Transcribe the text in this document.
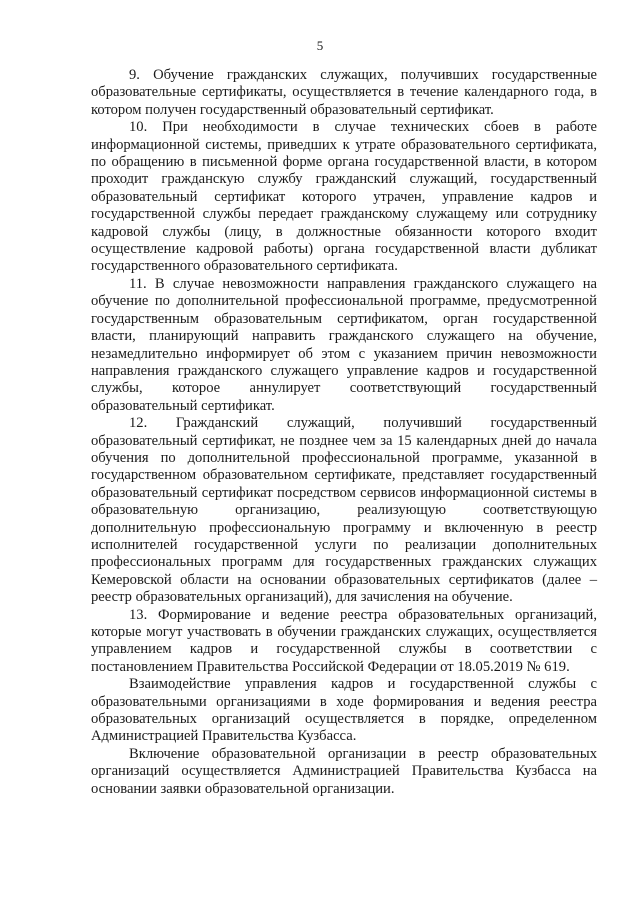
5

9. Обучение гражданских служащих, получивших государственные образовательные сертификаты, осуществляется в течение календарного года, в котором получен государственный образовательный сертификат.

10. При необходимости в случае технических сбоев в работе информационной системы, приведших к утрате образовательного сертификата, по обращению в письменной форме органа государственной власти, в котором проходит гражданскую службу гражданский служащий, государственный образовательный сертификат которого утрачен, управление кадров и государственной службы передает гражданскому служащему или сотруднику кадровой службы (лицу, в должностные обязанности которого входит осуществление кадровой работы) органа государственной власти дубликат государственного образовательного сертификата.

11. В случае невозможности направления гражданского служащего на обучение по дополнительной профессиональной программе, предусмотренной государственным образовательным сертификатом, орган государственной власти, планирующий направить гражданского служащего на обучение, незамедлительно информирует об этом с указанием причин невозможности направления гражданского служащего управление кадров и государственной службы, которое аннулирует соответствующий государственный образовательный сертификат.

12. Гражданский служащий, получивший государственный образовательный сертификат, не позднее чем за 15 календарных дней до начала обучения по дополнительной профессиональной программе, указанной в государственном образовательном сертификате, представляет государственный образовательный сертификат посредством сервисов информационной системы в образовательную организацию, реализующую соответствующую дополнительную профессиональную программу и включенную в реестр исполнителей государственной услуги по реализации дополнительных профессиональных программ для государственных гражданских служащих Кемеровской области на основании образовательных сертификатов (далее – реестр образовательных организаций), для зачисления на обучение.

13. Формирование и ведение реестра образовательных организаций, которые могут участвовать в обучении гражданских служащих, осуществляется управлением кадров и государственной службы в соответствии с постановлением Правительства Российской Федерации от 18.05.2019 № 619.

Взаимодействие управления кадров и государственной службы с образовательными организациями в ходе формирования и ведения реестра образовательных организаций осуществляется в порядке, определенном Администрацией Правительства Кузбасса.

Включение образовательной организации в реестр образовательных организаций осуществляется Администрацией Правительства Кузбасса на основании заявки образовательной организации.
